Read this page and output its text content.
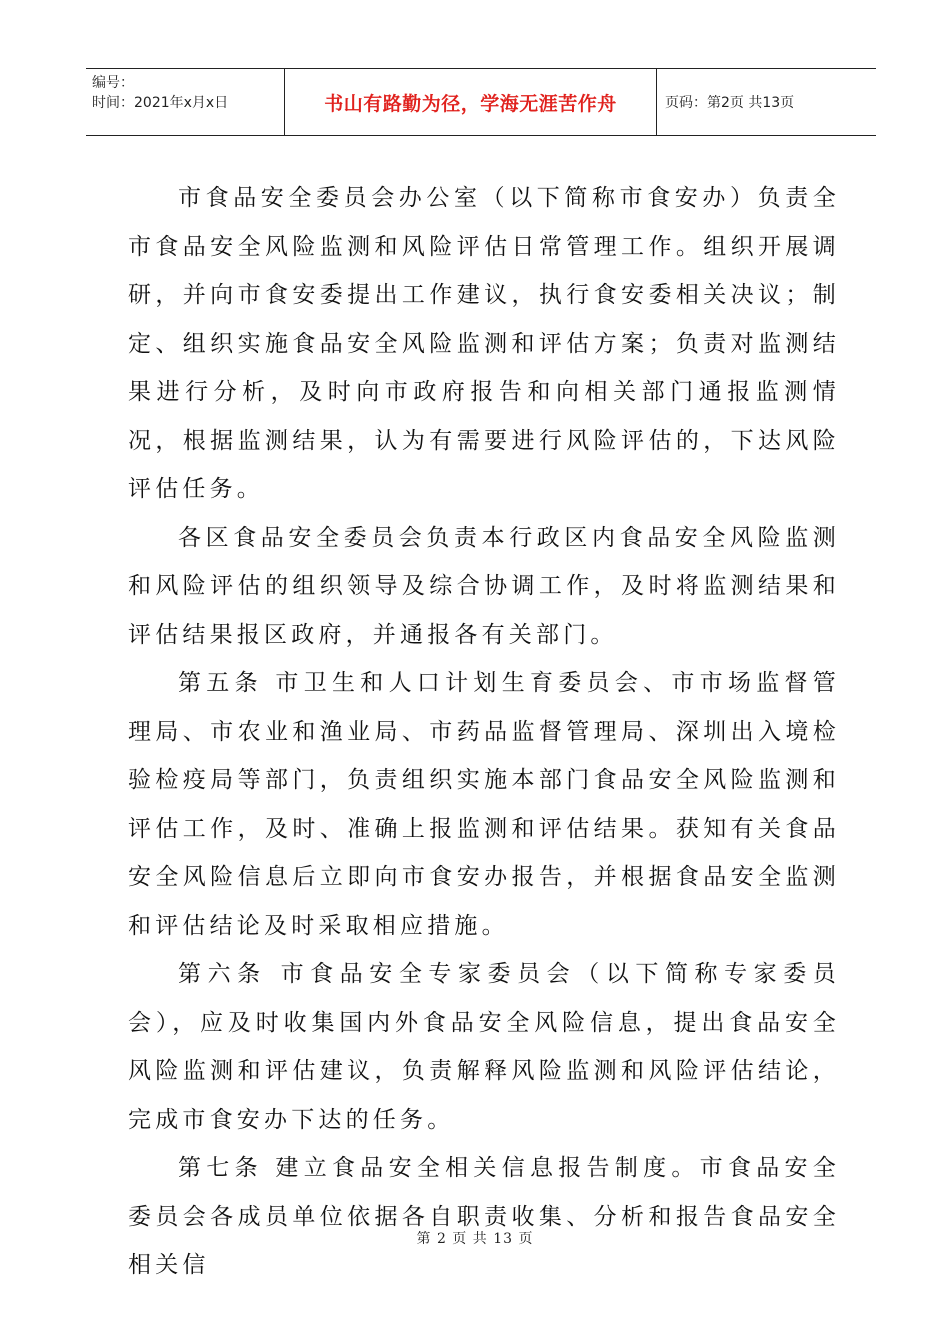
编号：
时间：2021年x月x日	书山有路勤为径，学海无涯苦作舟	页码：第2页 共13页

市食品安全委员会办公室（以下简称市食安办）负责全市食品安全风险监测和风险评估日常管理工作。组织开展调研，并向市食安委提出工作建议，执行食安委相关决议；制定、组织实施食品安全风险监测和评估方案；负责对监测结果进行分析，及时向市政府报告和向相关部门通报监测情况，根据监测结果，认为有需要进行风险评估的，下达风险评估任务。

各区食品安全委员会负责本行政区内食品安全风险监测和风险评估的组织领导及综合协调工作，及时将监测结果和评估结果报区政府，并通报各有关部门。

第五条 市卫生和人口计划生育委员会、市市场监督管理局、市农业和渔业局、市药品监督管理局、深圳出入境检验检疫局等部门，负责组织实施本部门食品安全风险监测和评估工作，及时、准确上报监测和评估结果。获知有关食品安全风险信息后立即向市食安办报告，并根据食品安全监测和评估结论及时采取相应措施。

第六条 市食品安全专家委员会（以下简称专家委员会），应及时收集国内外食品安全风险信息，提出食品安全风险监测和评估建议，负责解释风险监测和风险评估结论，完成市食安办下达的任务。

第七条 建立食品安全相关信息报告制度。市食品安全委员会各成员单位依据各自职责收集、分析和报告食品安全相关信

第 2 页 共 13 页
